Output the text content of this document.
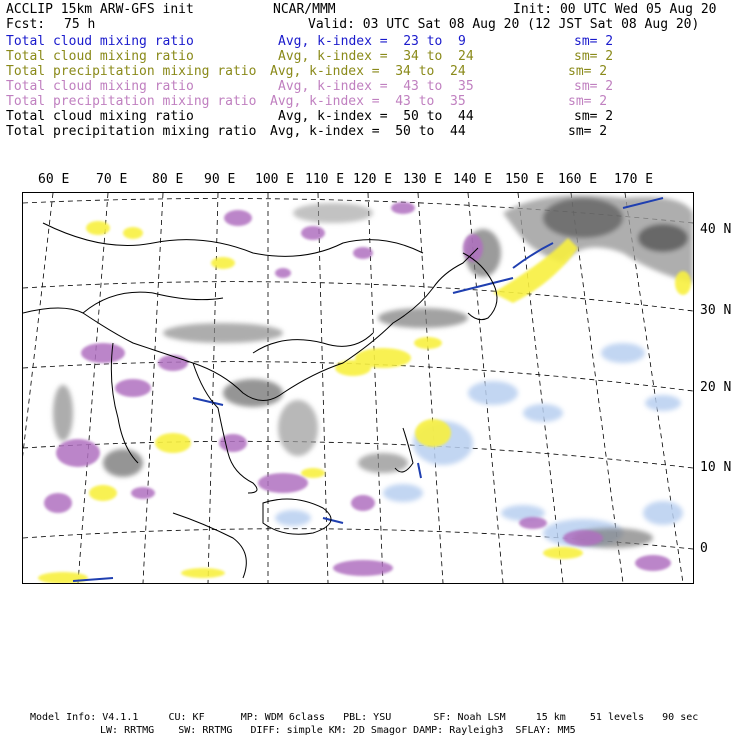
ACCLIP 15km ARW-GFS init	NCAR/MMM	Init: 00 UTC Wed 05 Aug 20
Fcst: 75 h	Valid: 03 UTC Sat 08 Aug 20 (12 JST Sat 08 Aug 20)
Total cloud mixing ratio	Avg, k-index =  23 to  9	sm= 2
Total cloud mixing ratio	Avg, k-index =  34 to  24	sm= 2
Total precipitation mixing ratio Avg, k-index =  34 to  24	sm= 2
Total cloud mixing ratio	Avg, k-index =  43 to  35	sm= 2
Total precipitation mixing ratio Avg, k-index =  43 to  35	sm= 2
Total cloud mixing ratio	Avg, k-index =  50 to  44	sm= 2
Total precipitation mixing ratio Avg, k-index =  50 to  44	sm= 2
60 E 70 E 80 E 90 E 100 E 110 E 120 E 130 E 140 E 150 E 160 E 170 E
40 N
30 N
20 N
10 N
0
Model Info: V4.1.1     CU: KF      MP: WDM 6class   PBL: YSU       SF: Noah LSM     15 km    51 levels   90 sec
LW: RRTMG    SW: RRTMG   DIFF: simple KM: 2D Smagor DAMP: Rayleigh3  SFLAY: MM5
